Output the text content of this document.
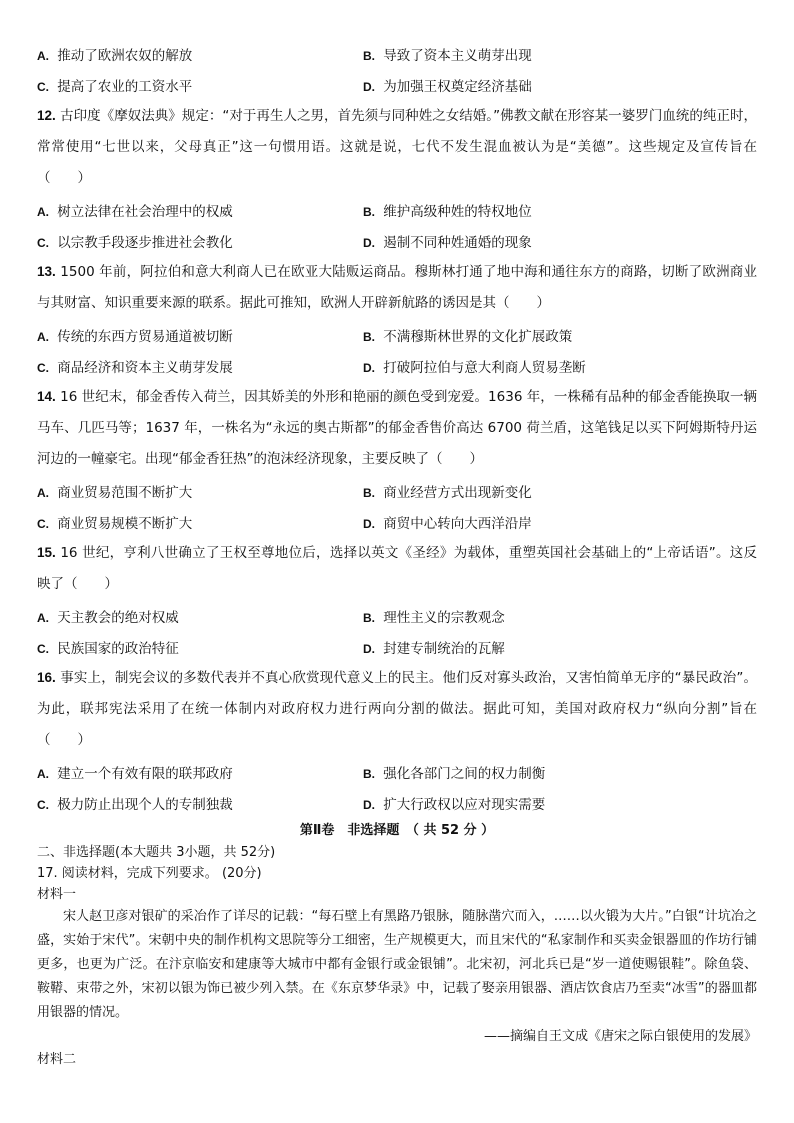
A. 推动了欧洲农奴的解放	B. 导致了资本主义萌芽出现
C. 提高了农业的工资水平	D. 为加强王权奠定经济基础
12. 古印度《摩奴法典》规定：“对于再生人之男，首先须与同种姓之女结婚。”佛教文献在形容某一婆罗门血统的纯正时，常常使用“七世以来，父母真正”这一句惯用语。这就是说，七代不发生混血被认为是“美德”。这些规定及宣传旨在（　　）
A. 树立法律在社会治理中的权威	B. 维护高级种姓的特权地位
C. 以宗教手段逐步推进社会教化	D. 遏制不同种姓通婚的现象
13. 1500 年前，阿拉伯和意大利商人已在欧亚大陆贩运商品。穆斯林打通了地中海和通往东方的商路，切断了欧洲商业与其财富、知识重要来源的联系。据此可推知，欧洲人开辟新航路的诱因是其（　　）
A. 传统的东西方贸易通道被切断	B. 不满穆斯林世界的文化扩展政策
C. 商品经济和资本主义萌芽发展	D. 打破阿拉伯与意大利商人贸易垄断
14. 16 世纪末，郁金香传入荷兰，因其娇美的外形和艳丽的颜色受到宠爱。1636 年，一株稀有品种的郁金香能换取一辆马车、几匹马等；1637 年，一株名为“永远的奥古斯都”的郁金香售价高达 6700 荷兰盾，这笔钱足以买下阿姆斯特丹运河边的一幢豪宅。出现“郁金香狂热”的泡沫经济现象，主要反映了（　　）
A. 商业贸易范围不断扩大	B. 商业经营方式出现新变化
C. 商业贸易规模不断扩大	D. 商贸中心转向大西洋沿岸
15. 16 世纪，亨利八世确立了王权至尊地位后，选择以英文《圣经》为载体，重塑英国社会基础上的“上帝话语”。这反映了（　　）
A. 天主教会的绝对权威	B. 理性主义的宗教观念
C. 民族国家的政治特征	D. 封建专制统治的瓦解
16. 事实上，制宪会议的多数代表并不真心欣赏现代意义上的民主。他们反对寡头政治，又害怕简单无序的“暴民政治”。为此，联邦宪法采用了在统一体制内对政府权力进行两向分割的做法。据此可知，美国对政府权力“纵向分割”旨在（　　）
A. 建立一个有效有限的联邦政府	B. 强化各部门之间的权力制衡
C. 极力防止出现个人的专制独裁	D. 扩大行政权以应对现实需要
第Ⅱ卷　非选择题　（ 共 52 分 ）
二、非选择题(本大题共 3小题，共 52分)
17. 阅读材料，完成下列要求。 (20分)
材料一
宋人赵卫彦对银矿的采冶作了详尽的记载：“每石壁上有黑路乃银脉，随脉凿穴而入，……以火锻为大片。”白银“计坑冶之盛，实始于宋代”。宋朝中央的制作机构文思院等分工细密，生产规模更大，而且宋代的“私家制作和买卖金银器皿的作坊行铺更多，也更为广泛。在汴京临安和建康等大城市中都有金银行或金银铺”。北宋初，河北兵已是“岁一道使赐银鞋”。除鱼袋、鞍鞯、束带之外，宋初以银为饰已被少列入禁。在《东京梦华录》中，记载了娶亲用银器、酒店饮食店乃至卖“冰雪”的器皿都用银器的情况。
——摘编自王文成《唐宋之际白银使用的发展》
材料二
